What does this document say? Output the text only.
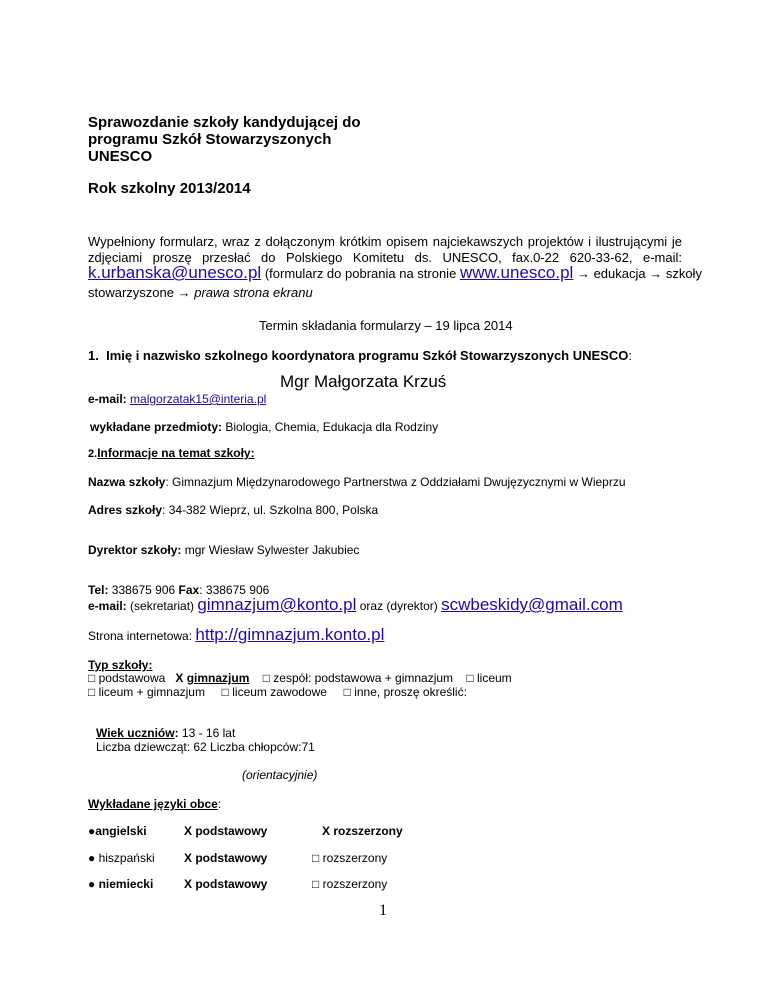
Sprawozdanie szkoły kandydującej do
programu Szkół Stowarzyszonych
UNESCO
Rok szkolny 2013/2014
Wypełniony formularz, wraz z dołączonym krótkim opisem najciekawszych projektów i ilustrującymi je
zdjęciami proszę przesłać do Polskiego Komitetu ds. UNESCO, fax.0-22 620-33-62, e-mail:
k.urbanska@unesco.pl (formularz do pobrania na stronie www.unesco.pl → edukacja → szkoły
stowarzyszone → prawa strona ekranu
Termin składania formularzy – 19 lipca 2014
1. Imię i nazwisko szkolnego koordynatora programu Szkół Stowarzyszonych UNESCO:
Mgr Małgorzata Krzuś
e-mail: malgorzatak15@interia.pl
wykładane przedmioty: Biologia, Chemia, Edukacja dla Rodziny
2.Informacje na temat szkoły:
Nazwa szkoły: Gimnazjum Międzynarodowego Partnerstwa z Oddziałami Dwujęzycznymi w Wieprzu
Adres szkoły: 34-382 Wieprz, ul. Szkolna 800, Polska
Dyrektor szkoły: mgr Wiesław Sylwester Jakubiec
Tel: 338675 906 Fax: 338675 906
e-mail: (sekretariat) gimnazjum@konto.pl oraz (dyrektor) scwbeskidy@gmail.com
Strona internetowa: http://gimnazjum.konto.pl
Typ szkoły:
□ podstawowa X gimnazjum □ zespół: podstawowa + gimnazjum □ liceum
□ liceum + gimnazjum □ liceum zawodowe □ inne, proszę określić:
Wiek uczniów: 13 - 16 lat
Liczba dziewcząt: 62 Liczba chłopców:71
(orientacyjnie)
Wykładane języki obce:
●angielski	X podstawowy	X rozszerzony
● hiszpański X podstawowy	□ rozszerzony
● niemiecki	X podstawowy	□ rozszerzony
1
